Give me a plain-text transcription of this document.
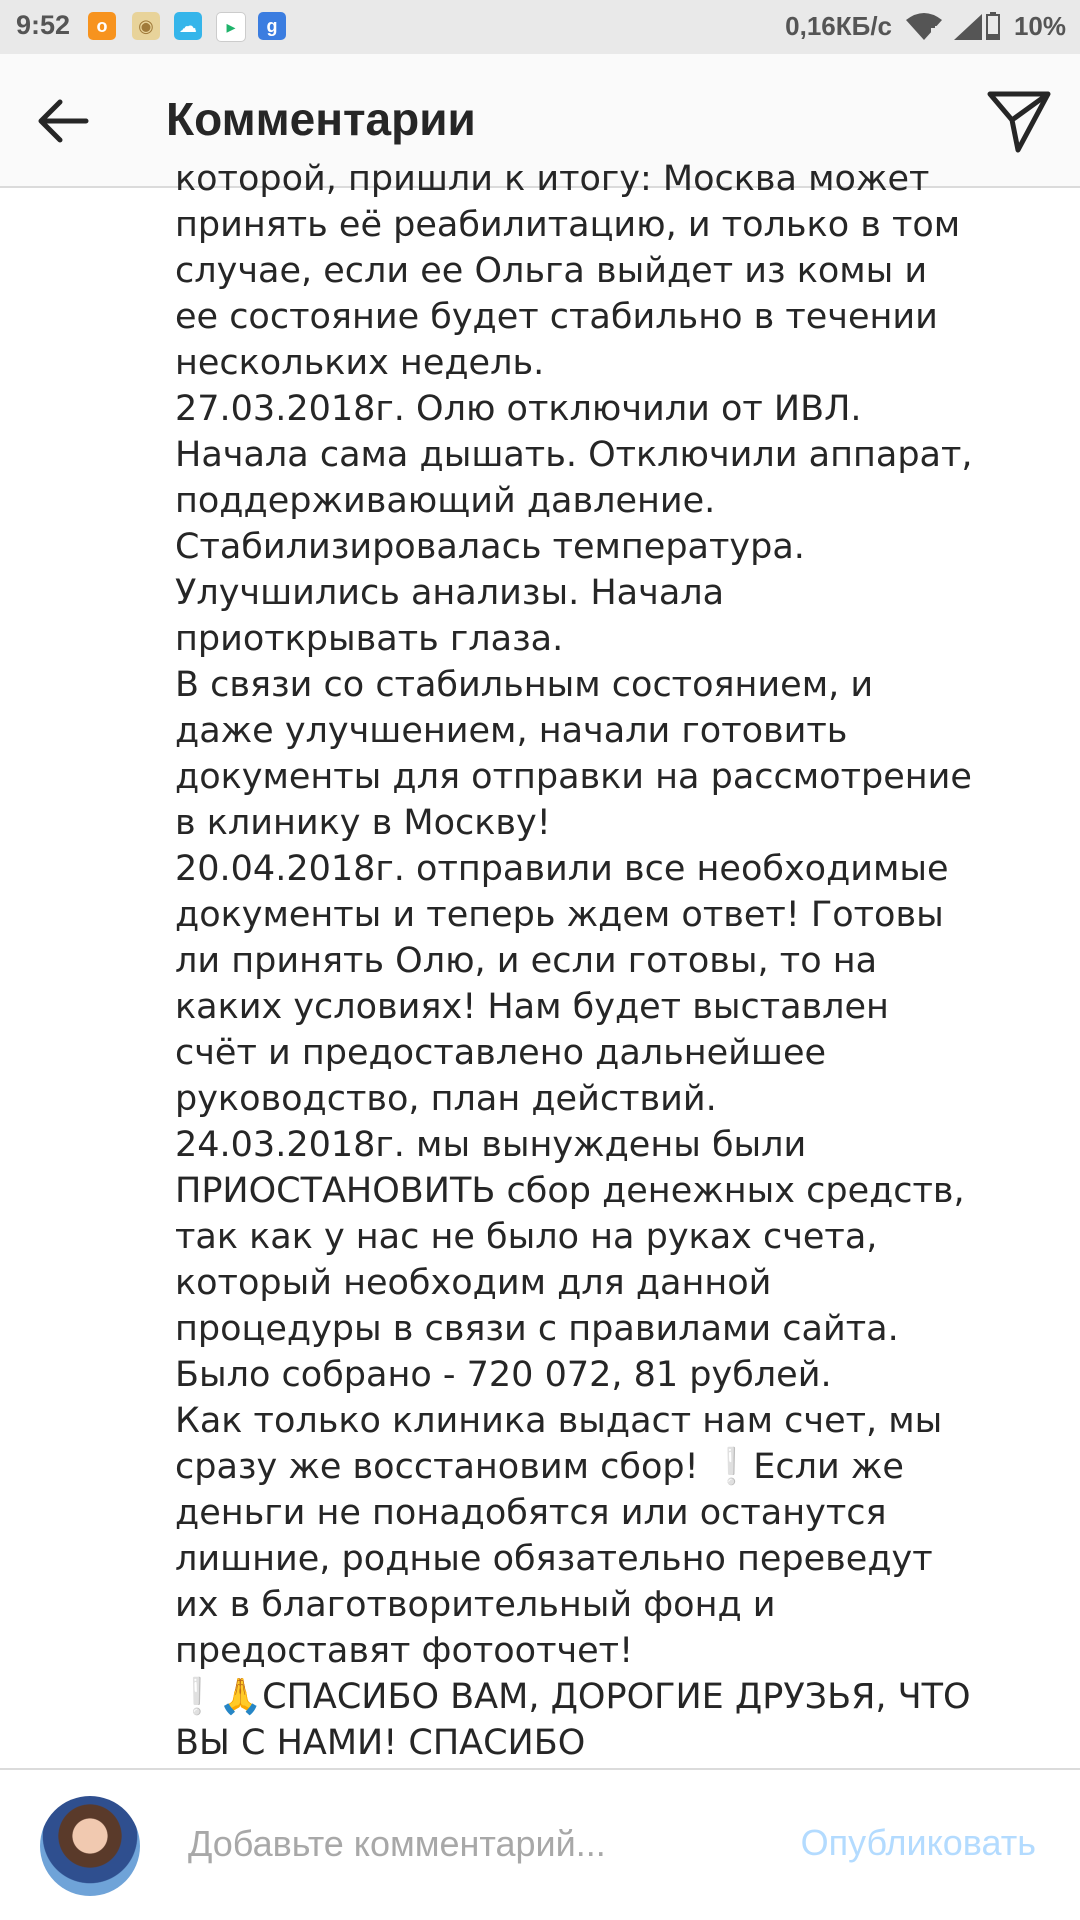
9:52	о	◉	☁	▸	g	0,16КБ/с	10%
Комментарии

которой, пришли к итогу: Москва может принять её реабилитацию, и только в том случае, если ее Ольга выйдет из комы и ее состояние будет стабильно в течении нескольких недель.
27.03.2018г. Олю отключили от ИВЛ. Начала сама дышать. Отключили аппарат, поддерживающий давление. Стабилизировалась температура. Улучшились анализы. Начала приоткрывать глаза.
В связи со стабильным состоянием, и даже улучшением, начали готовить документы для отправки на рассмотрение в клинику в Москву!
20.04.2018г. отправили все необходимые документы и теперь ждем ответ! Готовы ли принять Олю, и если готовы, то на каких условиях! Нам будет выставлен счёт и предоставлено дальнейшее руководство, план действий.
24.03.2018г. мы вынуждены были ПРИОСТАНОВИТЬ сбор денежных средств, так как у нас не было на руках счета, который необходим для данной процедуры в связи с правилами сайта.
Было собрано - 720 072, 81 рублей.
Как только клиника выдаст нам счет, мы сразу же восстановим сбор! ❕Если же деньги не понадобятся или останутся лишние, родные обязательно переведут их в благотворительный фонд и предоставят фотоотчет!
❕🙏СПАСИБО ВАМ, ДОРОГИЕ ДРУЗЬЯ, ЧТО ВЫ С НАМИ! СПАСИБО

Добавьте комментарий...
Опубликовать
